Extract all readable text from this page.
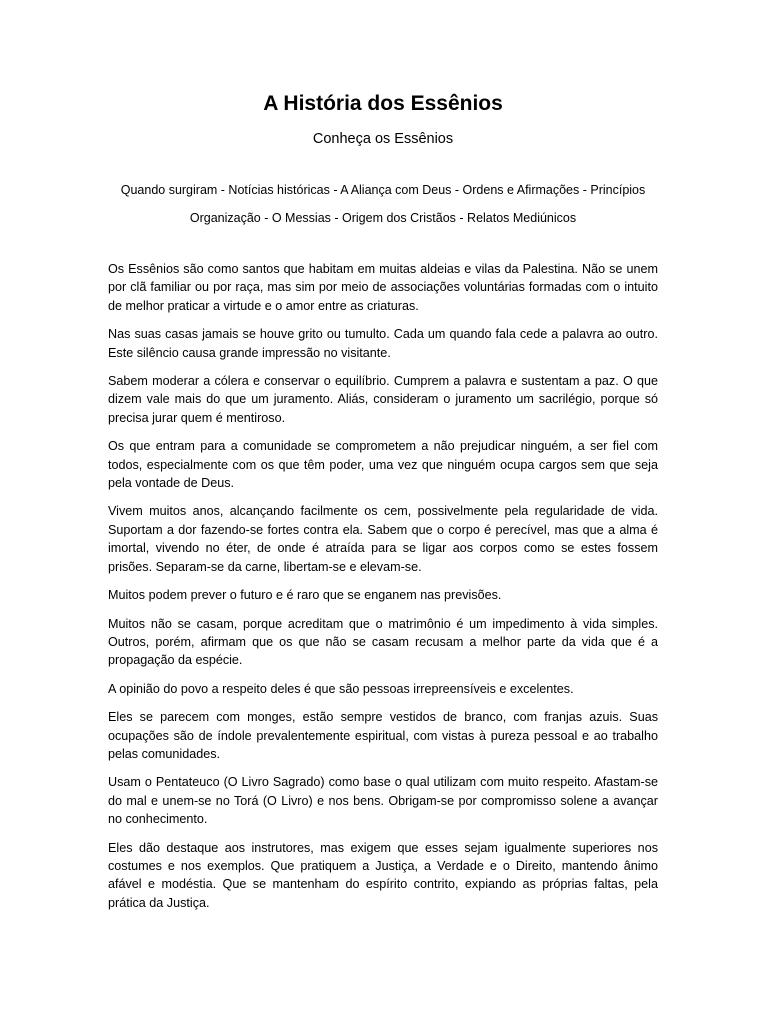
A História dos Essênios
Conheça os Essênios
Quando surgiram - Notícias históricas - A Aliança com Deus - Ordens e Afirmações - Princípios
Organização - O Messias - Origem dos Cristãos - Relatos Mediúnicos

Os Essênios são como santos que habitam em muitas aldeias e vilas da Palestina. Não se unem por clã familiar ou por raça, mas sim por meio de associações voluntárias formadas com o intuito de melhor praticar a virtude e o amor entre as criaturas.

Nas suas casas jamais se houve grito ou tumulto. Cada um quando fala cede a palavra ao outro. Este silêncio causa grande impressão no visitante.

Sabem moderar a cólera e conservar o equilíbrio. Cumprem a palavra e sustentam a paz. O que dizem vale mais do que um juramento. Aliás, consideram o juramento um sacrilégio, porque só precisa jurar quem é mentiroso.

Os que entram para a comunidade se comprometem a não prejudicar ninguém, a ser fiel com todos, especialmente com os que têm poder, uma vez que ninguém ocupa cargos sem que seja pela vontade de Deus.

Vivem muitos anos, alcançando facilmente os cem, possivelmente pela regularidade de vida. Suportam a dor fazendo-se fortes contra ela. Sabem que o corpo é perecível, mas que a alma é imortal, vivendo no éter, de onde é atraída para se ligar aos corpos como se estes fossem prisões. Separam-se da carne, libertam-se e elevam-se.

Muitos podem prever o futuro e é raro que se enganem nas previsões.

Muitos não se casam, porque acreditam que o matrimônio é um impedimento à vida simples. Outros, porém, afirmam que os que não se casam recusam a melhor parte da vida que é a propagação da espécie.

A opinião do povo a respeito deles é que são pessoas irrepreensíveis e excelentes.

Eles se parecem com monges, estão sempre vestidos de branco, com franjas azuis. Suas ocupações são de índole prevalentemente espiritual, com vistas à pureza pessoal e ao trabalho pelas comunidades.

Usam o Pentateuco (O Livro Sagrado) como base o qual utilizam com muito respeito. Afastam-se do mal e unem-se no Torá (O Livro) e nos bens. Obrigam-se por compromisso solene a avançar no conhecimento.

Eles dão destaque aos instrutores, mas exigem que esses sejam igualmente superiores nos costumes e nos exemplos. Que pratiquem a Justiça, a Verdade e o Direito, mantendo ânimo afável e modéstia. Que se mantenham do espírito contrito, expiando as próprias faltas, pela prática da Justiça.
